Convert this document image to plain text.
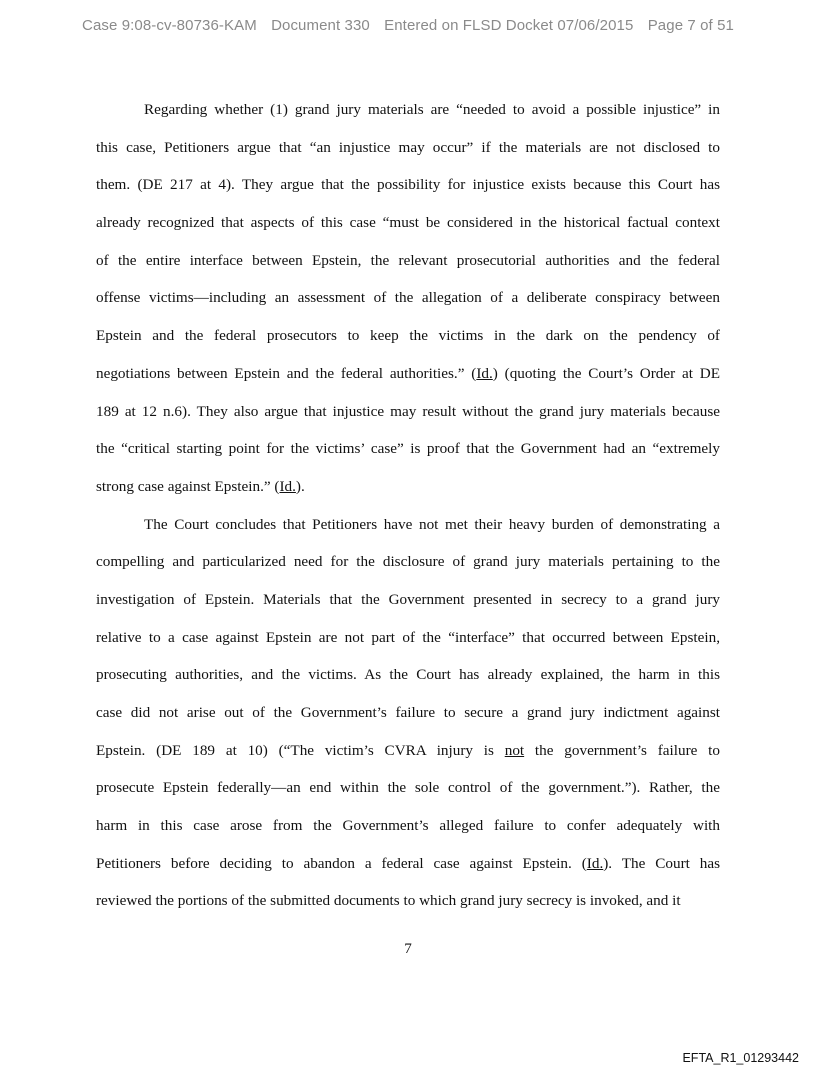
Case 9:08-cv-80736-KAM Document 330 Entered on FLSD Docket 07/06/2015 Page 7 of 51
Regarding whether (1) grand jury materials are “needed to avoid a possible injustice” in
this case, Petitioners argue that “an injustice may occur” if the materials are not disclosed to
them. (DE 217 at 4). They argue that the possibility for injustice exists because this Court has
already recognized that aspects of this case “must be considered in the historical factual context
of the entire interface between Epstein, the relevant prosecutorial authorities and the federal
offense victims—including an assessment of the allegation of a deliberate conspiracy between
Epstein and the federal prosecutors to keep the victims in the dark on the pendency of
negotiations between Epstein and the federal authorities.” (Id.) (quoting the Court’s Order at DE
189 at 12 n.6). They also argue that injustice may result without the grand jury materials because
the “critical starting point for the victims’ case” is proof that the Government had an “extremely
strong case against Epstein.” (Id.).
The Court concludes that Petitioners have not met their heavy burden of demonstrating a
compelling and particularized need for the disclosure of grand jury materials pertaining to the
investigation of Epstein. Materials that the Government presented in secrecy to a grand jury
relative to a case against Epstein are not part of the “interface” that occurred between Epstein,
prosecuting authorities, and the victims. As the Court has already explained, the harm in this
case did not arise out of the Government’s failure to secure a grand jury indictment against
Epstein. (DE 189 at 10) (“The victim’s CVRA injury is not the government’s failure to
prosecute Epstein federally—an end within the sole control of the government.”). Rather, the
harm in this case arose from the Government’s alleged failure to confer adequately with
Petitioners before deciding to abandon a federal case against Epstein. (Id.). The Court has
reviewed the portions of the submitted documents to which grand jury secrecy is invoked, and it
7
EFTA_R1_01293442
